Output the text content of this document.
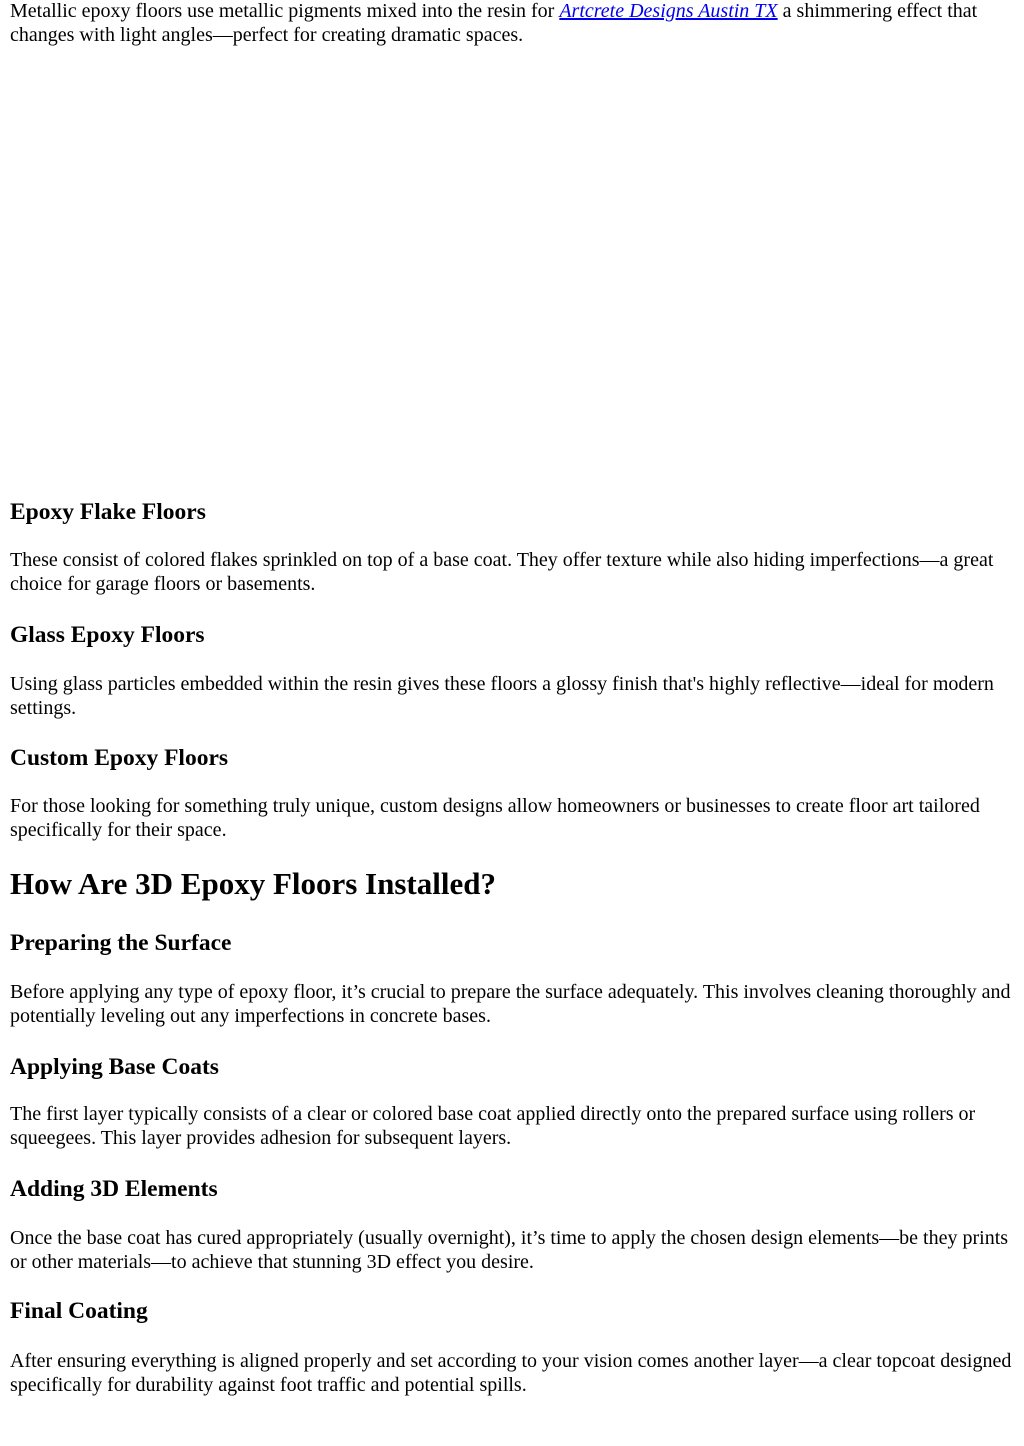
Metallic epoxy floors use metallic pigments mixed into the resin for Artcrete Designs Austin TX a shimmering effect that changes with light angles—perfect for creating dramatic spaces.

Epoxy Flake Floors

These consist of colored flakes sprinkled on top of a base coat. They offer texture while also hiding imperfections—a great choice for garage floors or basements.

Glass Epoxy Floors

Using glass particles embedded within the resin gives these floors a glossy finish that's highly reflective—ideal for modern settings.

Custom Epoxy Floors

For those looking for something truly unique, custom designs allow homeowners or businesses to create floor art tailored specifically for their space.

How Are 3D Epoxy Floors Installed?
Preparing the Surface

Before applying any type of epoxy floor, it’s crucial to prepare the surface adequately. This involves cleaning thoroughly and potentially leveling out any imperfections in concrete bases.

Applying Base Coats

The first layer typically consists of a clear or colored base coat applied directly onto the prepared surface using rollers or squeegees. This layer provides adhesion for subsequent layers.

Adding 3D Elements

Once the base coat has cured appropriately (usually overnight), it’s time to apply the chosen design elements—be they prints or other materials—to achieve that stunning 3D effect you desire.

Final Coating

After ensuring everything is aligned properly and set according to your vision comes another layer—a clear topcoat designed specifically for durability against foot traffic and potential spills.
